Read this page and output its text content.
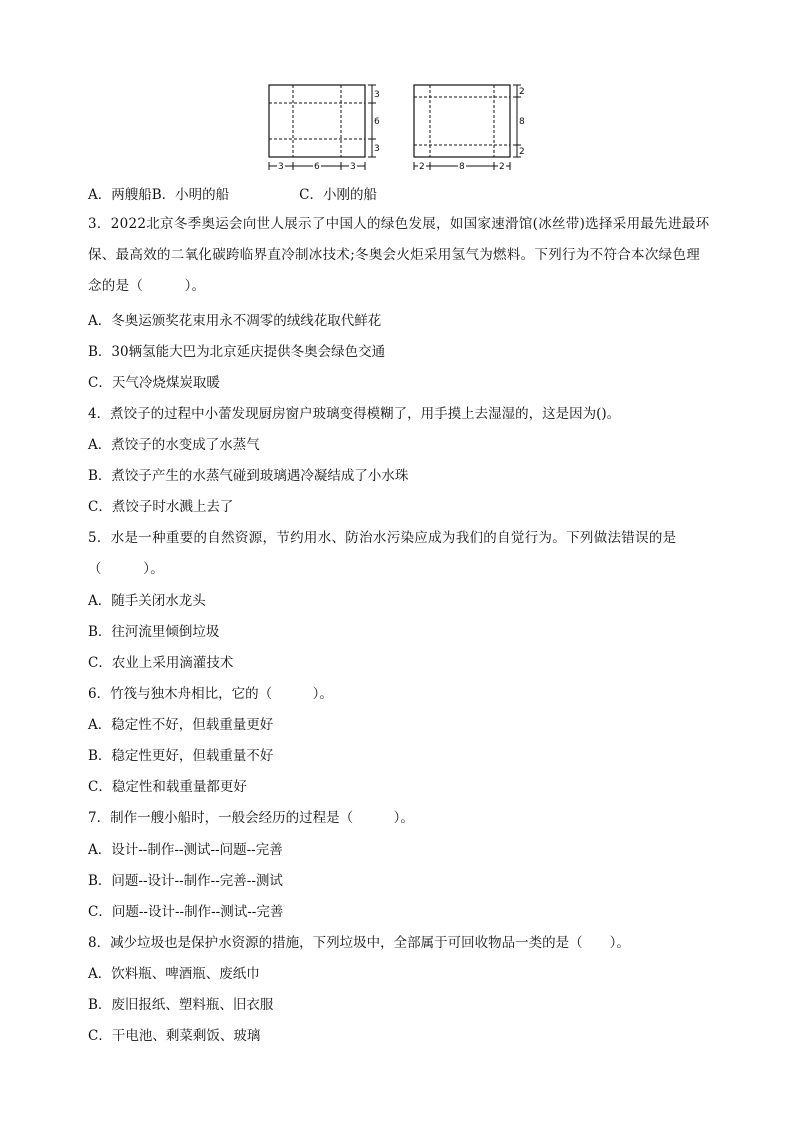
3
6
3
3	6	3
2
8
2
2	8	2
A．两艘船B．小明的船	C．小刚的船
3．2022北京冬季奥运会向世人展示了中国人的绿色发展，如国家速滑馆(冰丝带)选择采用最先进最环保、最高效的二氧化碳跨临界直冷制冰技术;冬奥会火炬采用氢气为燃料。下列行为不符合本次绿色理念的是（　　　）。
A．冬奥运颁奖花束用永不凋零的绒线花取代鲜花
B．30辆氢能大巴为北京延庆提供冬奥会绿色交通
C．天气冷烧煤炭取暖
4．煮饺子的过程中小蕾发现厨房窗户玻璃变得模糊了，用手摸上去湿湿的，这是因为()。
A．煮饺子的水变成了水蒸气
B．煮饺子产生的水蒸气碰到玻璃遇冷凝结成了小水珠
C．煮饺子时水溅上去了
5．水是一种重要的自然资源，节约用水、防治水污染应成为我们的自觉行为。下列做法错误的是（　　　）。
A．随手关闭水龙头
B．往河流里倾倒垃圾
C．农业上采用滴灌技术
6．竹筏与独木舟相比，它的（　　　）。
A．稳定性不好，但载重量更好
B．稳定性更好，但载重量不好
C．稳定性和载重量都更好
7．制作一艘小船时，一般会经历的过程是（　　　）。
A．设计--制作--测试--问题--完善
B．问题--设计--制作--完善--测试
C．问题--设计--制作--测试--完善
8．减少垃圾也是保护水资源的措施，下列垃圾中，全部属于可回收物品一类的是（　　）。
A．饮料瓶、啤酒瓶、废纸巾
B．废旧报纸、塑料瓶、旧衣服
C．干电池、剩菜剩饭、玻璃
